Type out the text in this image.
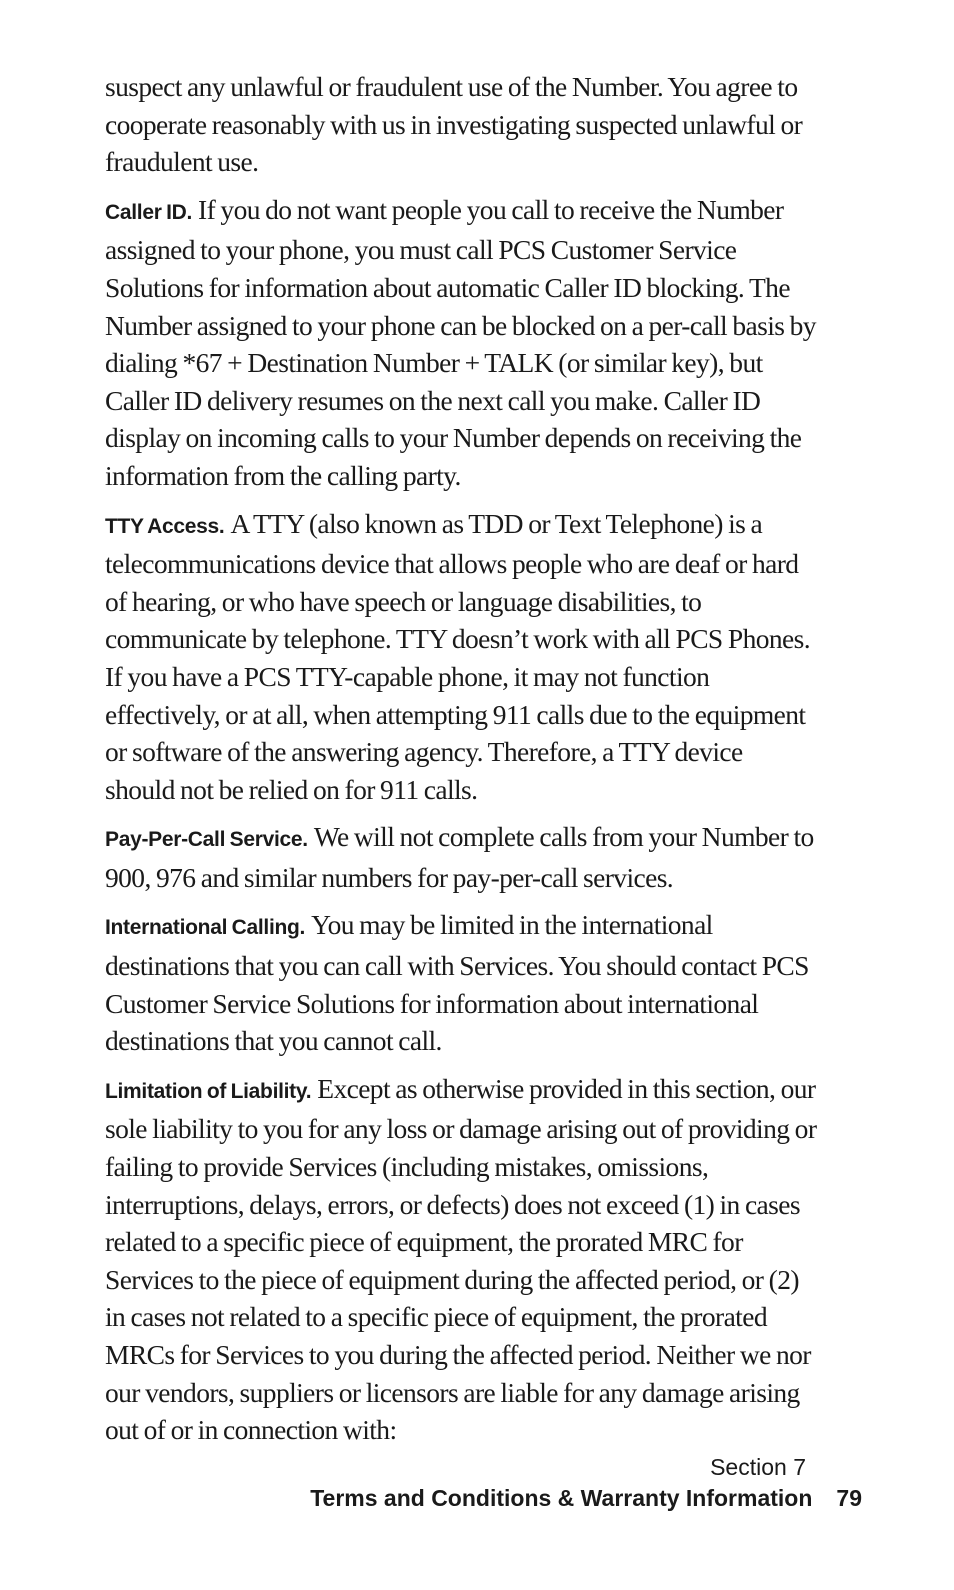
suspect any unlawful or fraudulent use of the Number. You agree to cooperate reasonably with us in investigating suspected unlawful or fraudulent use.

Caller ID. If you do not want people you call to receive the Number assigned to your phone, you must call PCS Customer Service Solutions for information about automatic Caller ID blocking. The Number assigned to your phone can be blocked on a per-call basis by dialing *67 + Destination Number + TALK (or similar key), but Caller ID delivery resumes on the next call you make. Caller ID display on incoming calls to your Number depends on receiving the information from the calling party.

TTY Access. A TTY (also known as TDD or Text Telephone) is a telecommunications device that allows people who are deaf or hard of hearing, or who have speech or language disabilities, to communicate by telephone. TTY doesn’t work with all PCS Phones. If you have a PCS TTY-capable phone, it may not function effectively, or at all, when attempting 911 calls due to the equipment or software of the answering agency. Therefore, a TTY device should not be relied on for 911 calls.

Pay-Per-Call Service. We will not complete calls from your Number to 900, 976 and similar numbers for pay-per-call services.

International Calling. You may be limited in the international destinations that you can call with Services. You should contact PCS Customer Service Solutions for information about international destinations that you cannot call.

Limitation of Liability. Except as otherwise provided in this section, our sole liability to you for any loss or damage arising out of providing or failing to provide Services (including mistakes, omissions, interruptions, delays, errors, or defects) does not exceed (1) in cases related to a specific piece of equipment, the prorated MRC for Services to the piece of equipment during the affected period, or (2) in cases not related to a specific piece of equipment, the prorated MRCs for Services to you during the affected period. Neither we nor our vendors, suppliers or licensors are liable for any damage arising out of or in connection with:

Section 7
Terms and Conditions & Warranty Information 79
